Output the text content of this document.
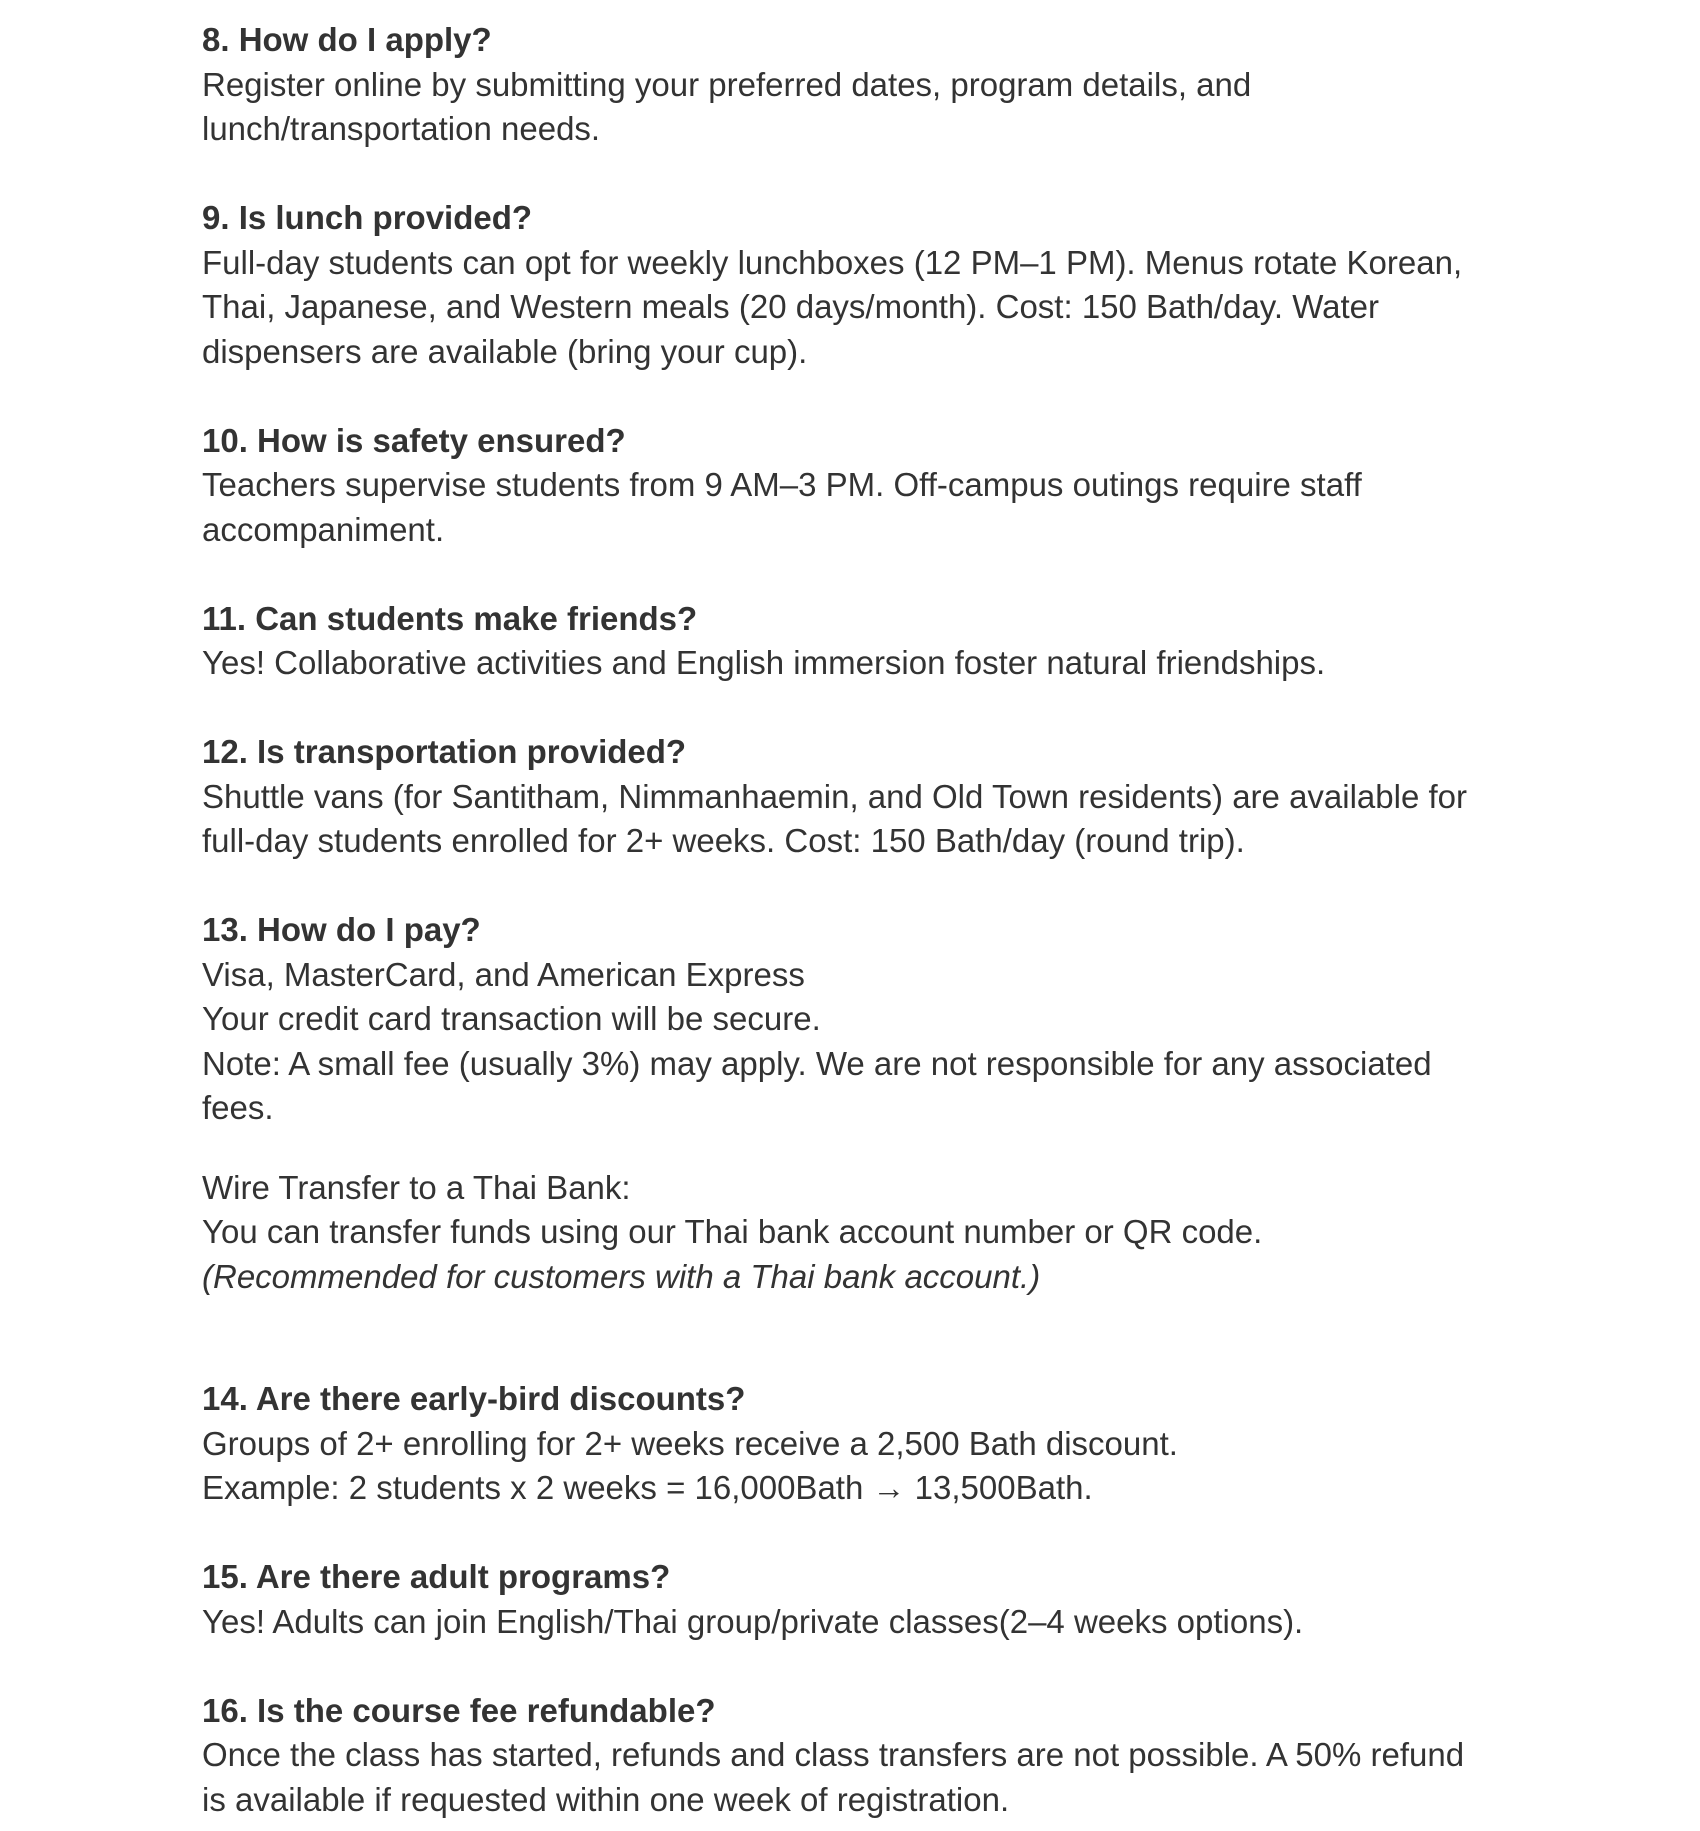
8. How do I apply?
Register online by submitting your preferred dates, program details, and
lunch/transportation needs.
9. Is lunch provided?
Full-day students can opt for weekly lunchboxes (12 PM–1 PM). Menus rotate Korean,
Thai, Japanese, and Western meals (20 days/month). Cost: 150 Bath/day. Water
dispensers are available (bring your cup).
10. How is safety ensured?
Teachers supervise students from 9 AM–3 PM. Off-campus outings require staff
accompaniment.
11. Can students make friends?
Yes! Collaborative activities and English immersion foster natural friendships.
12. Is transportation provided?
Shuttle vans (for Santitham, Nimmanhaemin, and Old Town residents) are available for
full-day students enrolled for 2+ weeks. Cost: 150 Bath/day (round trip).
13. How do I pay?
Visa, MasterCard, and American Express
Your credit card transaction will be secure.
Note: A small fee (usually 3%) may apply. We are not responsible for any associated
fees.
Wire Transfer to a Thai Bank:
You can transfer funds using our Thai bank account number or QR code.
(Recommended for customers with a Thai bank account.)
14. Are there early-bird discounts?
Groups of 2+ enrolling for 2+ weeks receive a 2,500 Bath discount.
Example: 2 students x 2 weeks = 16,000Bath → 13,500Bath.
15. Are there adult programs?
Yes! Adults can join English/Thai group/private classes(2–4 weeks options).
16. Is the course fee refundable?
Once the class has started, refunds and class transfers are not possible. A 50% refund
is available if requested within one week of registration.
